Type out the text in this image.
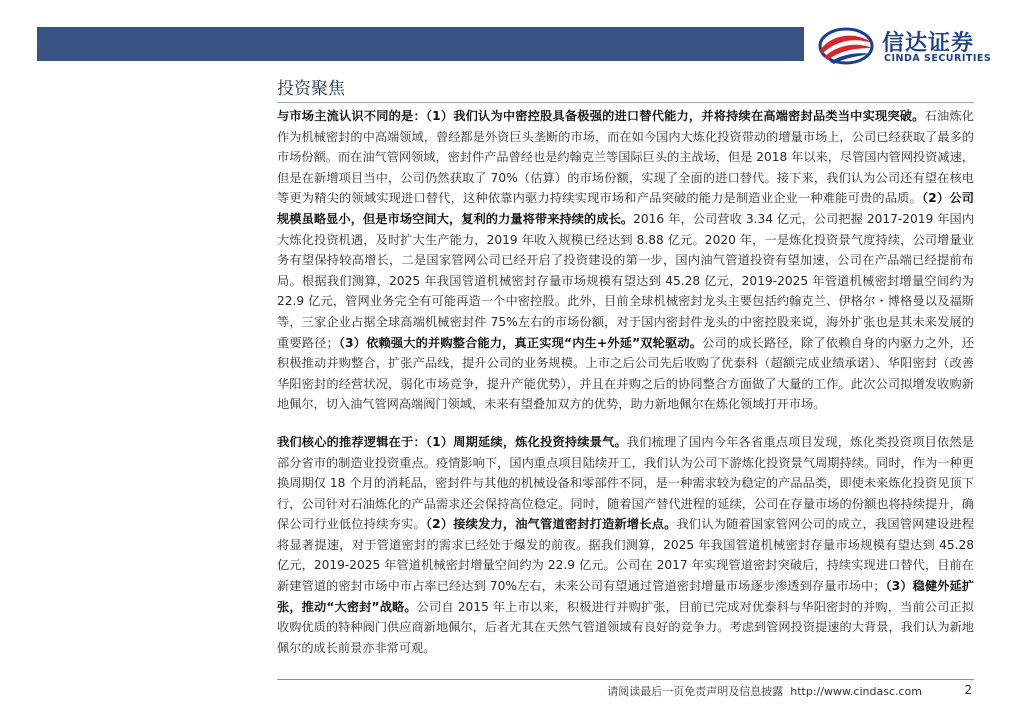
信达证券
CINDA SECURITIES
投资聚焦

与市场主流认识不同的是：（1）我们认为中密控股具备极强的进口替代能力，并将持续在高端密封品类当中实现突破。石油炼化作为机械密封的中高端领域，曾经都是外资巨头垄断的市场，而在如今国内大炼化投资带动的增量市场上，公司已经获取了最多的市场份额。而在油气管网领域，密封件产品曾经也是约翰克兰等国际巨头的主战场，但是 2018 年以来，尽管国内管网投资减速，但是在新增项目当中，公司仍然获取了 70%（估算）的市场份额，实现了全面的进口替代。接下来，我们认为公司还有望在核电等更为精尖的领域实现进口替代，这种依靠内驱力持续实现市场和产品突破的能力是制造业企业一种难能可贵的品质。（2）公司规模虽略显小，但是市场空间大，复利的力量将带来持续的成长。2016 年，公司营收 3.34 亿元，公司把握 2017-2019 年国内大炼化投资机遇，及时扩大生产能力，2019 年收入规模已经达到 8.88 亿元。2020 年，一是炼化投资景气度持续，公司增量业务有望保持较高增长，二是国家管网公司已经开启了投资建设的第一步，国内油气管道投资有望加速，公司在产品端已经提前布局。根据我们测算，2025 年我国管道机械密封存量市场规模有望达到 45.28 亿元，2019-2025 年管道机械密封增量空间约为 22.9 亿元，管网业务完全有可能再造一个中密控股。此外，目前全球机械密封龙头主要包括约翰克兰、伊格尔・博格曼以及福斯等，三家企业占据全球高端机械密封件 75%左右的市场份额，对于国内密封件龙头的中密控股来说，海外扩张也是其未来发展的重要路径；（3）依赖强大的并购整合能力，真正实现“内生+外延”双轮驱动。公司的成长路径，除了依赖自身的内驱力之外，还积极推动并购整合，扩张产品线，提升公司的业务规模。上市之后公司先后收购了优泰科（超额完成业绩承诺）、华阳密封（改善华阳密封的经营状况，弱化市场竞争，提升产能优势），并且在并购之后的协同整合方面做了大量的工作。此次公司拟增发收购新地佩尔，切入油气管网高端阀门领域，未来有望叠加双方的优势，助力新地佩尔在炼化领域打开市场。

我们核心的推荐逻辑在于：（1）周期延续，炼化投资持续景气。我们梳理了国内今年各省重点项目发现，炼化类投资项目依然是部分省市的制造业投资重点。疫情影响下，国内重点项目陆续开工，我们认为公司下游炼化投资景气周期持续。同时，作为一种更换周期仅 18 个月的消耗品，密封件与其他的机械设备和零部件不同，是一种需求较为稳定的产品品类，即使未来炼化投资见顶下行，公司针对石油炼化的产品需求还会保持高位稳定。同时，随着国产替代进程的延续，公司在存量市场的份额也将持续提升，确保公司行业低位持续夯实。（2）接续发力，油气管道密封打造新增长点。我们认为随着国家管网公司的成立，我国管网建设进程将显著提速，对于管道密封的需求已经处于爆发的前夜。据我们测算，2025 年我国管道机械密封存量市场规模有望达到 45.28 亿元，2019-2025 年管道机械密封增量空间约为 22.9 亿元。公司在 2017 年实现管道密封突破后，持续实现进口替代，目前在新建管道的密封市场中市占率已经达到 70%左右，未来公司有望通过管道密封增量市场逐步渗透到存量市场中；（3）稳健外延扩张，推动“大密封”战略。公司自 2015 年上市以来，积极进行并购扩张，目前已完成对优泰科与华阳密封的并购，当前公司正拟收购优质的特种阀门供应商新地佩尔，后者尤其在天然气管道领域有良好的竞争力。考虑到管网投资提速的大背景，我们认为新地佩尔的成长前景亦非常可观。

请阅读最后一页免责声明及信息披露 http://www.cindasc.com	2
